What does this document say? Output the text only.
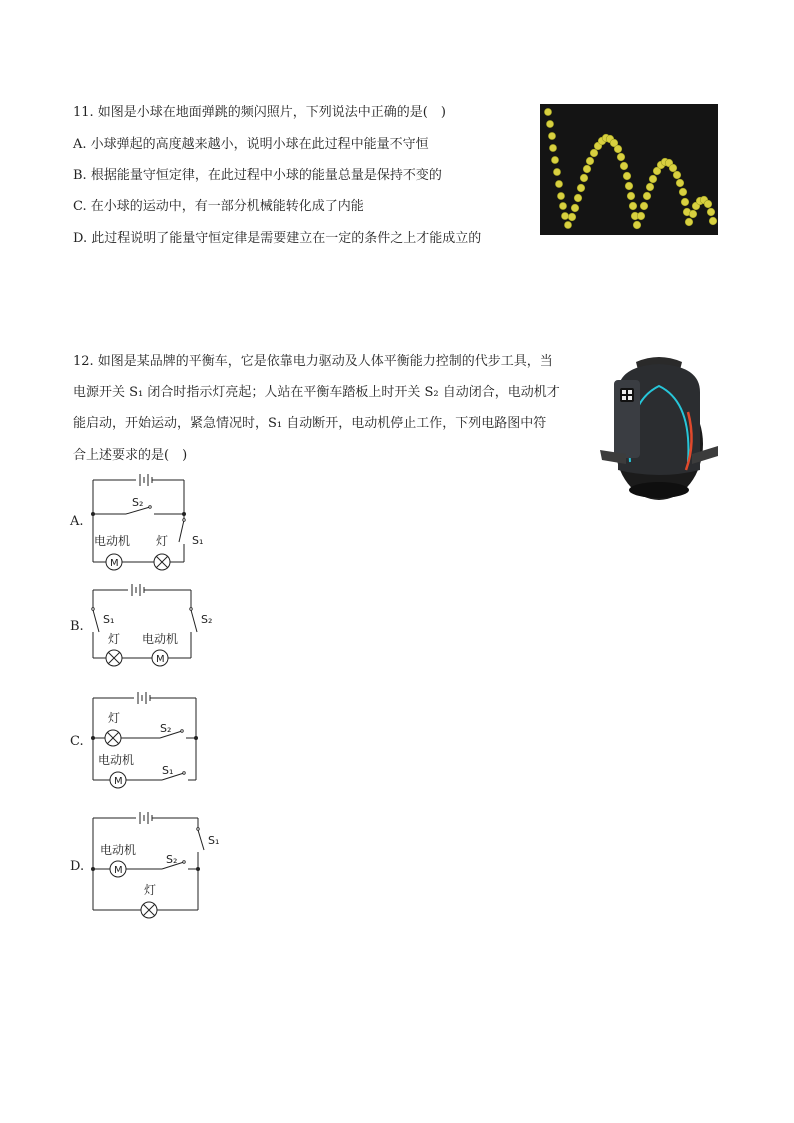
11. 如图是小球在地面弹跳的频闪照片，下列说法中正确的是(　)
A. 小球弹起的高度越来越小，说明小球在此过程中能量不守恒
B. 根据能量守恒定律，在此过程中小球的能量总量是保持不变的
C. 在小球的运动中，有一部分机械能转化成了内能
D. 此过程说明了能量守恒定律是需要建立在一定的条件之上才能成立的
12. 如图是某品牌的平衡车，它是依靠电力驱动及人体平衡能力控制的代步工具，当
电源开关 S₁ 闭合时指示灯亮起；人站在平衡车踏板上时开关 S₂ 自动闭合，电动机才
能启动，开始运动，紧急情况时，S₁ 自动断开，电动机停止工作，下列电路图中符
合上述要求的是(　)
A.
M
S₂
S₁
电动机 灯
B. S₁	S₂
灯 电动机
M
C.
灯
S₂
电动机
S₁
M
D.
S₁
电动机
S₂
M
灯
